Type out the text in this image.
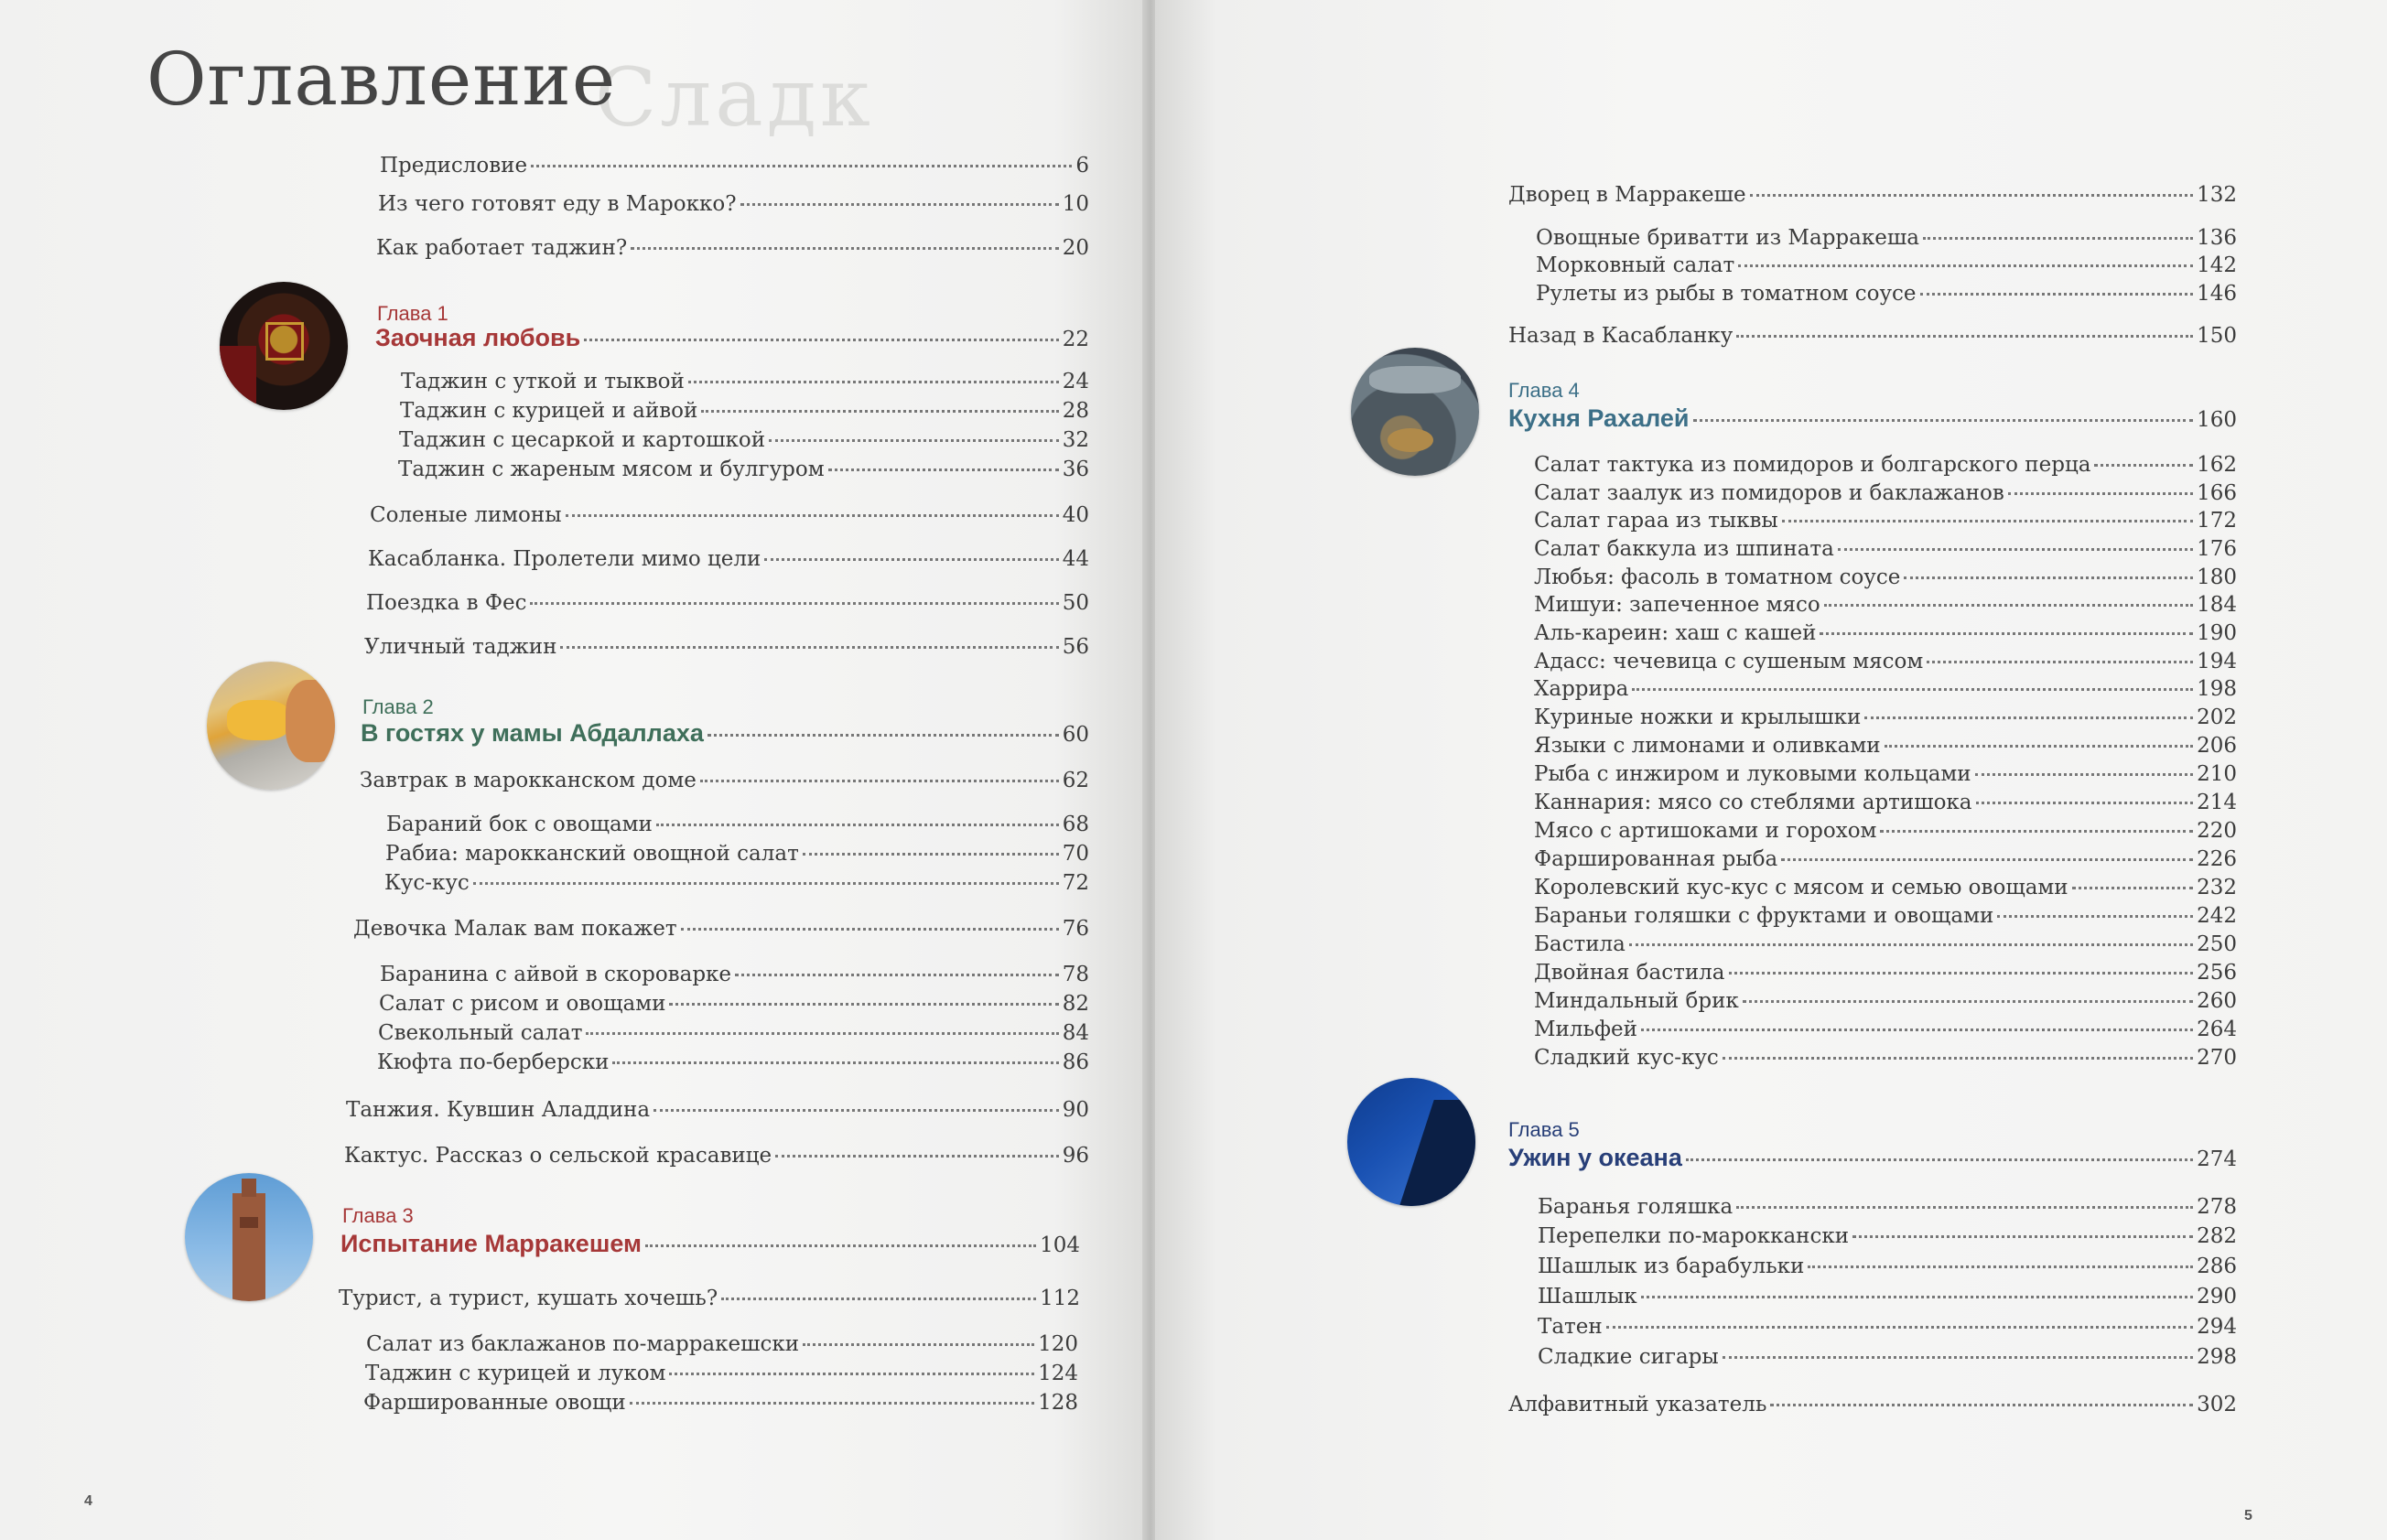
Сладк
Оглавление
Предисловие	6
Из чего готовят еду в Марокко?	10
Как работает таджин?	20
Глава 1
Заочная любовь	22
Таджин с уткой и тыквой	24
Таджин с курицей и айвой	28
Таджин с цесаркой и картошкой	32
Таджин с жареным мясом и булгуром	36
Соленые лимоны	40
Касабланка. Пролетели мимо цели	44
Поездка в Фес	50
Уличный таджин	56
Глава 2
В гостях у мамы Абдаллаха	60
Завтрак в марокканском доме	62
Бараний бок с овощами	68
Рабиа: марокканский овощной салат	70
Кус-кус	72
Девочка Малак вам покажет	76
Баранина с айвой в скороварке	78
Салат с рисом и овощами	82
Свекольный салат	84
Кюфта по-берберски	86
Танжия. Кувшин Аладдина	90
Кактус. Рассказ о сельской красавице	96
Глава 3
Испытание Марракешем	104
Турист, а турист, кушать хочешь?	112
Салат из баклажанов по-марракешски	120
Таджин с курицей и луком	124
Фаршированные овощи	128
4
Дворец в Марракеше	132
Овощные бриватти из Марракеша	136
Морковный салат	142
Рулеты из рыбы в томатном соусе	146
Назад в Касабланку	150
Глава 4
Кухня Рахалей	160
Салат тактука из помидоров и болгарского перца	162
Салат заалук из помидоров и баклажанов	166
Салат гараа из тыквы	172
Салат баккула из шпината	176
Любья: фасоль в томатном соусе	180
Мишуи: запеченное мясо	184
Аль-кареин: хаш с кашей	190
Адасс: чечевица с сушеным мясом	194
Харрира	198
Куриные ножки и крылышки	202
Языки с лимонами и оливками	206
Рыба с инжиром и луковыми кольцами	210
Каннария: мясо со стеблями артишока	214
Мясо с артишоками и горохом	220
Фаршированная рыба	226
Королевский кус-кус с мясом и семью овощами	232
Бараньи голяшки с фруктами и овощами	242
Бастила	250
Двойная бастила	256
Миндальный брик	260
Мильфей	264
Сладкий кус-кус	270
Глава 5
Ужин у океана	274
Баранья голяшка	278
Перепелки по-марокканcки	282
Шашлык из барабульки	286
Шашлык	290
Татен	294
Сладкие сигары	298
Алфавитный указатель	302
5
